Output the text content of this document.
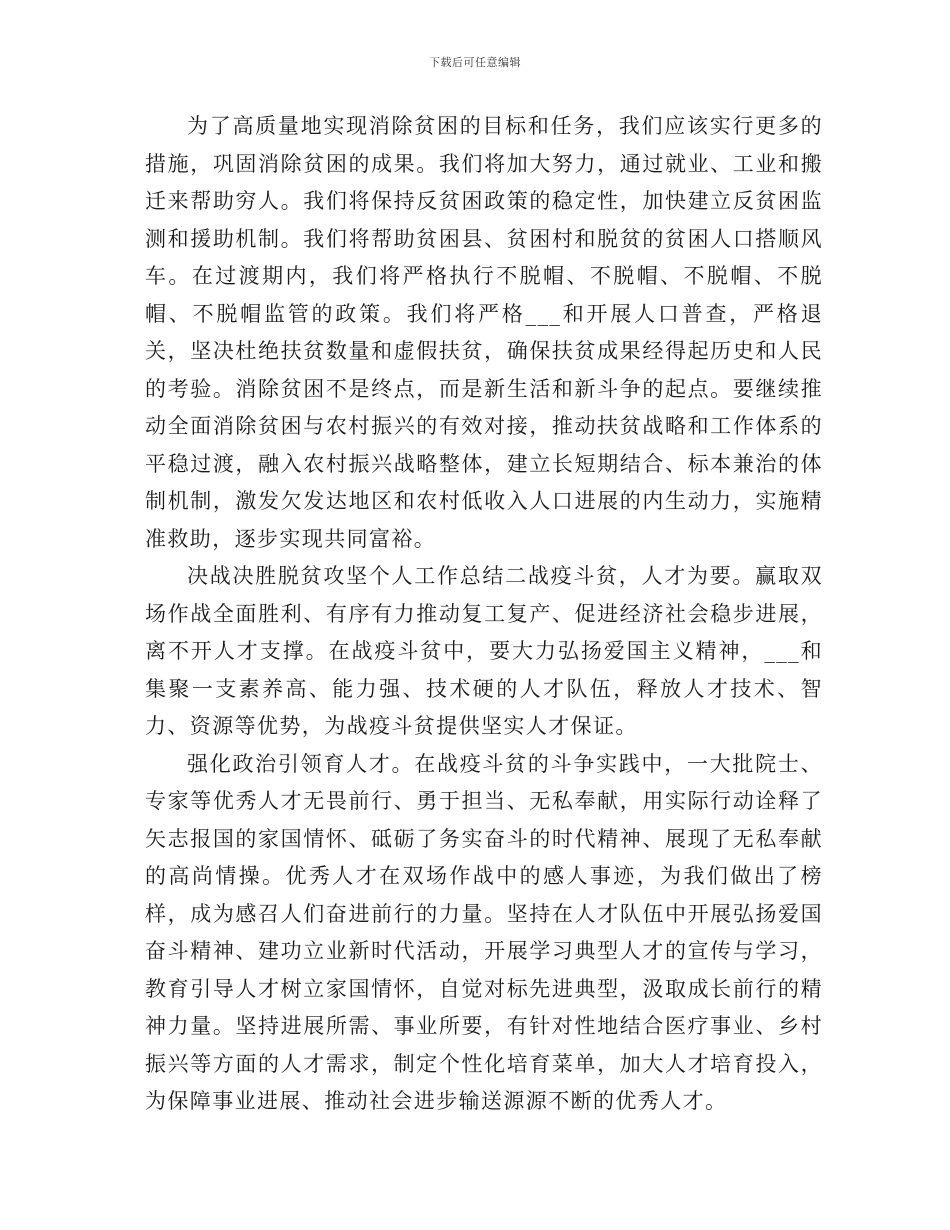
下载后可任意编辑

为了高质量地实现消除贫困的目标和任务，我们应该实行更多的措施，巩固消除贫困的成果。我们将加大努力，通过就业、工业和搬迁来帮助穷人。我们将保持反贫困政策的稳定性，加快建立反贫困监测和援助机制。我们将帮助贫困县、贫困村和脱贫的贫困人口搭顺风车。在过渡期内，我们将严格执行不脱帽、不脱帽、不脱帽、不脱帽、不脱帽监管的政策。我们将严格___和开展人口普查，严格退关，坚决杜绝扶贫数量和虚假扶贫，确保扶贫成果经得起历史和人民的考验。消除贫困不是终点，而是新生活和新斗争的起点。要继续推动全面消除贫困与农村振兴的有效对接，推动扶贫战略和工作体系的平稳过渡，融入农村振兴战略整体，建立长短期结合、标本兼治的体制机制，激发欠发达地区和农村低收入人口进展的内生动力，实施精准救助，逐步实现共同富裕。

决战决胜脱贫攻坚个人工作总结二战疫斗贫，人才为要。赢取双场作战全面胜利、有序有力推动复工复产、促进经济社会稳步进展，离不开人才支撑。在战疫斗贫中，要大力弘扬爱国主义精神，___和集聚一支素养高、能力强、技术硬的人才队伍，释放人才技术、智力、资源等优势，为战疫斗贫提供坚实人才保证。

强化政治引领育人才。在战疫斗贫的斗争实践中，一大批院士、专家等优秀人才无畏前行、勇于担当、无私奉献，用实际行动诠释了矢志报国的家国情怀、砥砺了务实奋斗的时代精神、展现了无私奉献的高尚情操。优秀人才在双场作战中的感人事迹，为我们做出了榜样，成为感召人们奋进前行的力量。坚持在人才队伍中开展弘扬爱国奋斗精神、建功立业新时代活动，开展学习典型人才的宣传与学习，教育引导人才树立家国情怀，自觉对标先进典型，汲取成长前行的精神力量。坚持进展所需、事业所要，有针对性地结合医疗事业、乡村振兴等方面的人才需求，制定个性化培育菜单，加大人才培育投入，为保障事业进展、推动社会进步输送源源不断的优秀人才。
